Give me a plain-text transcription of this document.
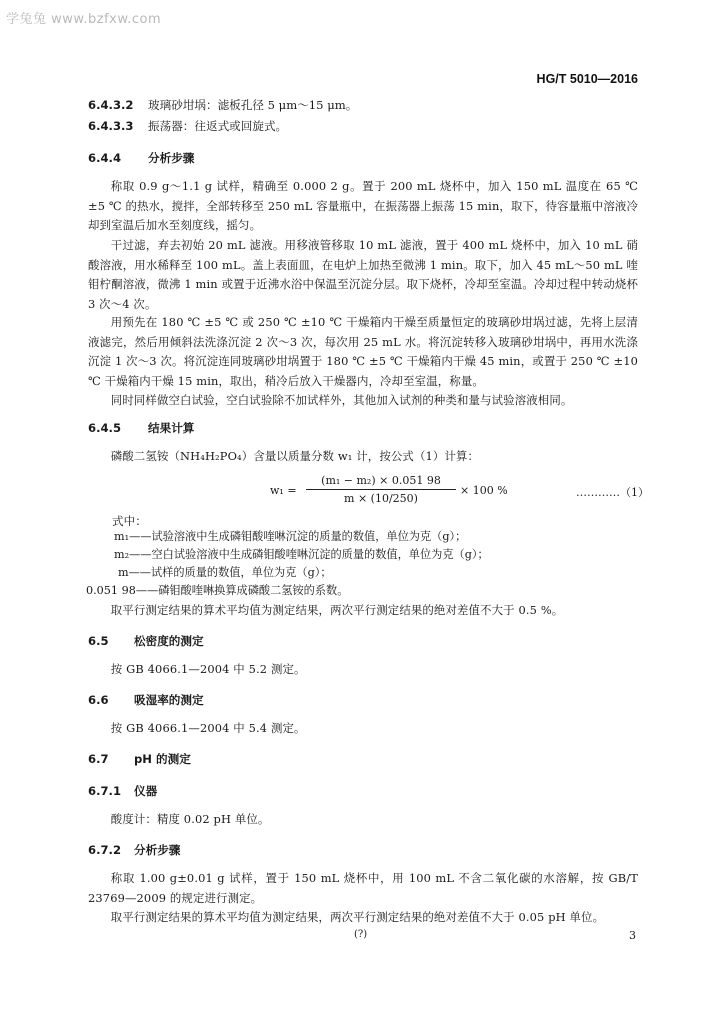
学兔兔 www.bzfxw.com
HG/T 5010—2016
6.4.3.2 玻璃砂坩埚：滤板孔径 5 μm～15 μm。
6.4.3.3 振荡器：往返式或回旋式。
6.4.4 分析步骤
称取 0.9 g～1.1 g 试样，精确至 0.000 2 g。置于 200 mL 烧杯中，加入 150 mL 温度在 65 ℃ ±5 ℃ 的热水，搅拌，全部转移至 250 mL 容量瓶中，在振荡器上振荡 15 min，取下，待容量瓶中溶液冷却到室温后加水至刻度线，摇匀。
干过滤，弃去初始 20 mL 滤液。用移液管移取 10 mL 滤液，置于 400 mL 烧杯中，加入 10 mL 硝酸溶液，用水稀释至 100 mL。盖上表面皿，在电炉上加热至微沸 1 min。取下，加入 45 mL～50 mL 喹钼柠酮溶液，微沸 1 min 或置于近沸水浴中保温至沉淀分层。取下烧杯，冷却至室温。冷却过程中转动烧杯 3 次～4 次。
用预先在 180 ℃ ±5 ℃ 或 250 ℃ ±10 ℃ 干燥箱内干燥至质量恒定的玻璃砂坩埚过滤，先将上层清液滤完，然后用倾斜法洗涤沉淀 2 次～3 次，每次用 25 mL 水。将沉淀转移入玻璃砂坩埚中，再用水洗涤沉淀 1 次～3 次。将沉淀连同玻璃砂坩埚置于 180 ℃ ±5 ℃ 干燥箱内干燥 45 min，或置于 250 ℃ ±10 ℃ 干燥箱内干燥 15 min，取出，稍冷后放入干燥器内，冷却至室温，称量。
同时同样做空白试验，空白试验除不加试样外，其他加入试剂的种类和量与试验溶液相同。
6.4.5 结果计算
磷酸二氢铵（NH₄H₂PO₄）含量以质量分数 w₁ 计，按公式（1）计算：
$w_1 = \frac{\text{(m₁ − m₂) × 0.051 98}}{m \times (10/250)} \times 100$ %	…………（1）
式中：
m₁——试验溶液中生成磷钼酸喹啉沉淀的质量的数值，单位为克（g）；
m₂——空白试验溶液中生成磷钼酸喹啉沉淀的质量的数值，单位为克（g）；
m——试样的质量的数值，单位为克（g）；
0.051 98——磷钼酸喹啉换算成磷酸二氢铵的系数。
取平行测定结果的算术平均值为测定结果，两次平行测定结果的绝对差值不大于 0.5 %。
6.5 松密度的测定
按 GB 4066.1—2004 中 5.2 测定。
6.6 吸湿率的测定
按 GB 4066.1—2004 中 5.4 测定。
6.7 pH 的测定
6.7.1 仪器
酸度计：精度 0.02 pH 单位。
6.7.2 分析步骤
称取 1.00 g±0.01 g 试样，置于 150 mL 烧杯中，用 100 mL 不含二氧化碳的水溶解，按 GB/T 23769—2009 的规定进行测定。
取平行测定结果的算术平均值为测定结果，两次平行测定结果的绝对差值不大于 0.05 pH 单位。
(?)	3
